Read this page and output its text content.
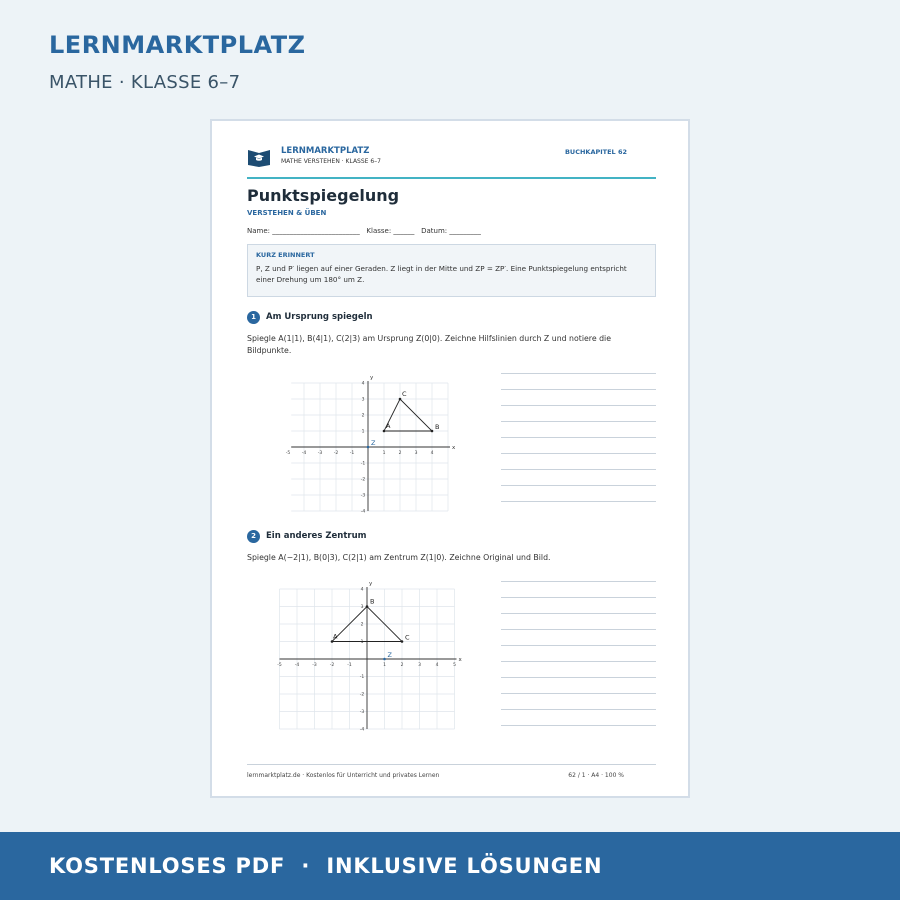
LERNMARKTPLATZ
MATHE · KLASSE 6–7
LERNMARKTPLATZ
MATHE VERSTEHEN · KLASSE 6–7
BUCHKAPITEL 62
Punktspiegelung
VERSTEHEN & ÜBEN
Name: _________________________   Klasse: ______   Datum: _________
KURZ ERINNERT
P, Z und P′ liegen auf einer Geraden. Z liegt in der Mitte und ZP = ZP′. Eine Punktspiegelung entspricht einer Drehung um 180° um Z.
1	Am Ursprung spiegeln
Spiegle A(1|1), B(4|1), C(2|3) am Ursprung Z(0|0). Zeichne Hilfslinien durch Z und notiere die Bildpunkte.
x
y
-5	-4	-3	-2	-1	1	2	3	4
4
3
2
1
-1
-2
-3
-4
A	B
C
Z
2	Ein anderes Zentrum
Spiegle A(−2|1), B(0|3), C(2|1) am Zentrum Z(1|0). Zeichne Original und Bild.
x
y
-5	-4	-3	-2	-1	1	2	3	4	5
4
3
2
1
-1
-2
-3
-4
A
B
C
Z
lernmarktplatz.de · Kostenlos für Unterricht und privates Lernen	62 / 1 · A4 · 100 %
KOSTENLOSES PDF  ·  INKLUSIVE LÖSUNGEN
